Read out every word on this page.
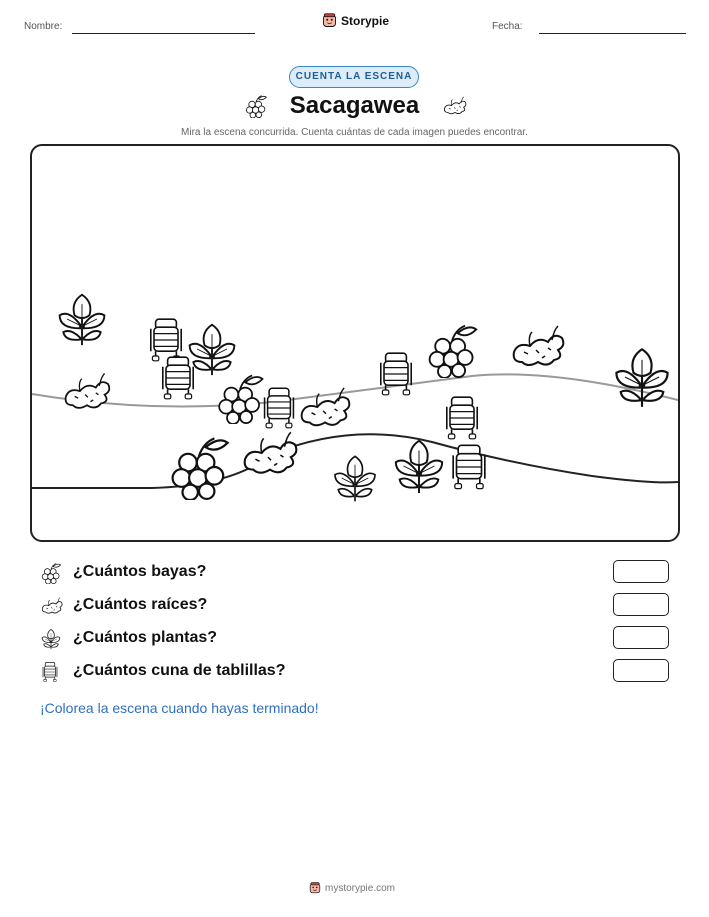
Nombre:	Storypie	Fecha:
CUENTA LA ESCENA
Sacagawea
Mira la escena concurrida. Cuenta cuántas de cada imagen puedes encontrar.
¿Cuántos bayas?
¿Cuántos raíces?
¿Cuántos plantas?
¿Cuántos cuna de tablillas?
¡Colorea la escena cuando hayas terminado!
mystorypie.com
